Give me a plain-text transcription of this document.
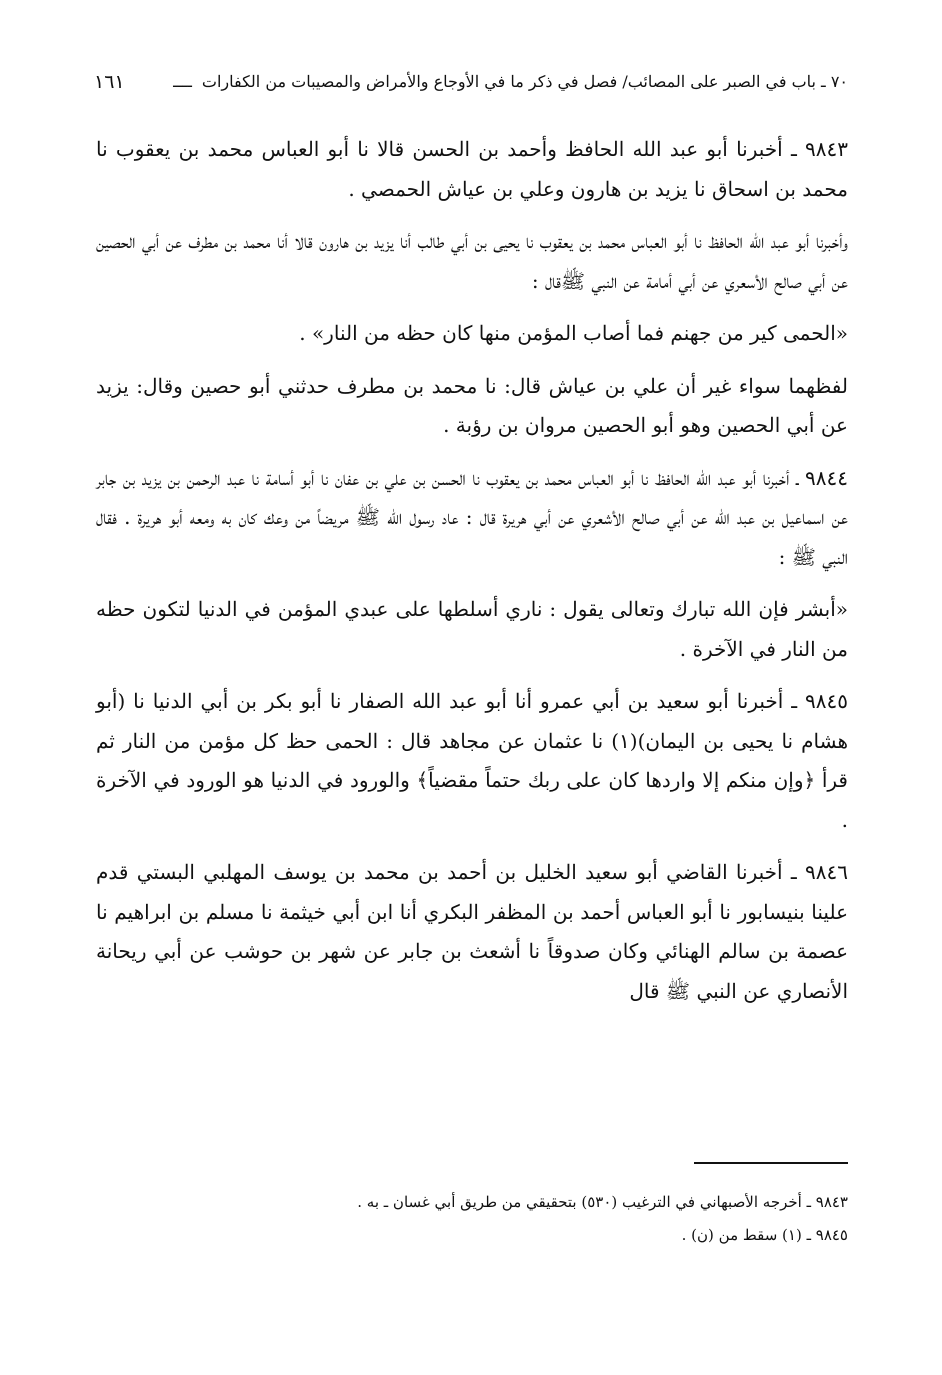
٧٠ ـ باب في الصبر على المصائب/ فصل في ذكر ما في الأوجاع والأمراض والمصيبات من الكفارات
ــــ
١٦١

٩٨٤٣ ـ أخبرنا أبو عبد الله الحافظ وأحمد بن الحسن قالا نا أبو العباس محمد بن يعقوب نا محمد بن اسحاق نا يزيد بن هارون وعلي بن عياش الحمصي .

وأخبرنا أبو عبد الله الحافظ نا أبو العباس محمد بن يعقوب نا يحيى بن أبي طالب أنا يزيد بن هارون قالا أنا محمد بن مطرف عن أبي الحصين عن أبي صالح الأسعري عن أبي أمامة عن النبي ﷺقال :

«الحمى كير من جهنم فما أصاب المؤمن منها كان حظه من النار» .

لفظهما سواء غير أن علي بن عياش قال: نا محمد بن مطرف حدثني أبو حصين وقال: يزيد عن أبي الحصين وهو أبو الحصين مروان بن رؤبة .

٩٨٤٤ ـ أخبرنا أبو عبد الله الحافظ نا أبو العباس محمد بن يعقوب نا الحسن بن علي بن عفان نا أبو أسامة نا عبد الرحمن بن يزيد بن جابر عن اسماعيل بن عبد الله عن أبي صالح الأشعري عن أبي هريرة قال : عاد رسول الله ﷺ مريضاً من وعك كان به ومعه أبو هريرة . فقال النبي ﷺ :

«أبشر فإن الله تبارك وتعالى يقول : ناري أسلطها على عبدي المؤمن في الدنيا لتكون حظه من النار في الآخرة .

٩٨٤٥ ـ أخبرنا أبو سعيد بن أبي عمرو أنا أبو عبد الله الصفار نا أبو بكر بن أبي الدنيا نا (أبو هشام نا يحيى بن اليمان)(١) نا عثمان عن مجاهد قال : الحمى حظ كل مؤمن من النار ثم قرأ ﴿وإن منكم إلا واردها كان على ربك حتماً مقضياً﴾ والورود في الدنيا هو الورود في الآخرة .

٩٨٤٦ ـ أخبرنا القاضي أبو سعيد الخليل بن أحمد بن محمد بن يوسف المهلبي البستي قدم علينا بنيسابور نا أبو العباس أحمد بن المظفر البكري أنا ابن أبي خيثمة نا مسلم بن ابراهيم نا عصمة بن سالم الهنائي وكان صدوقاً نا أشعث بن جابر عن شهر بن حوشب عن أبي ريحانة الأنصاري عن النبي ﷺ قال

٩٨٤٣ ـ أخرجه الأصبهاني في الترغيب (٥٣٠) بتحقيقي من طريق أبي غسان ـ به .

٩٨٤٥ ـ (١) سقط من (ن) .
